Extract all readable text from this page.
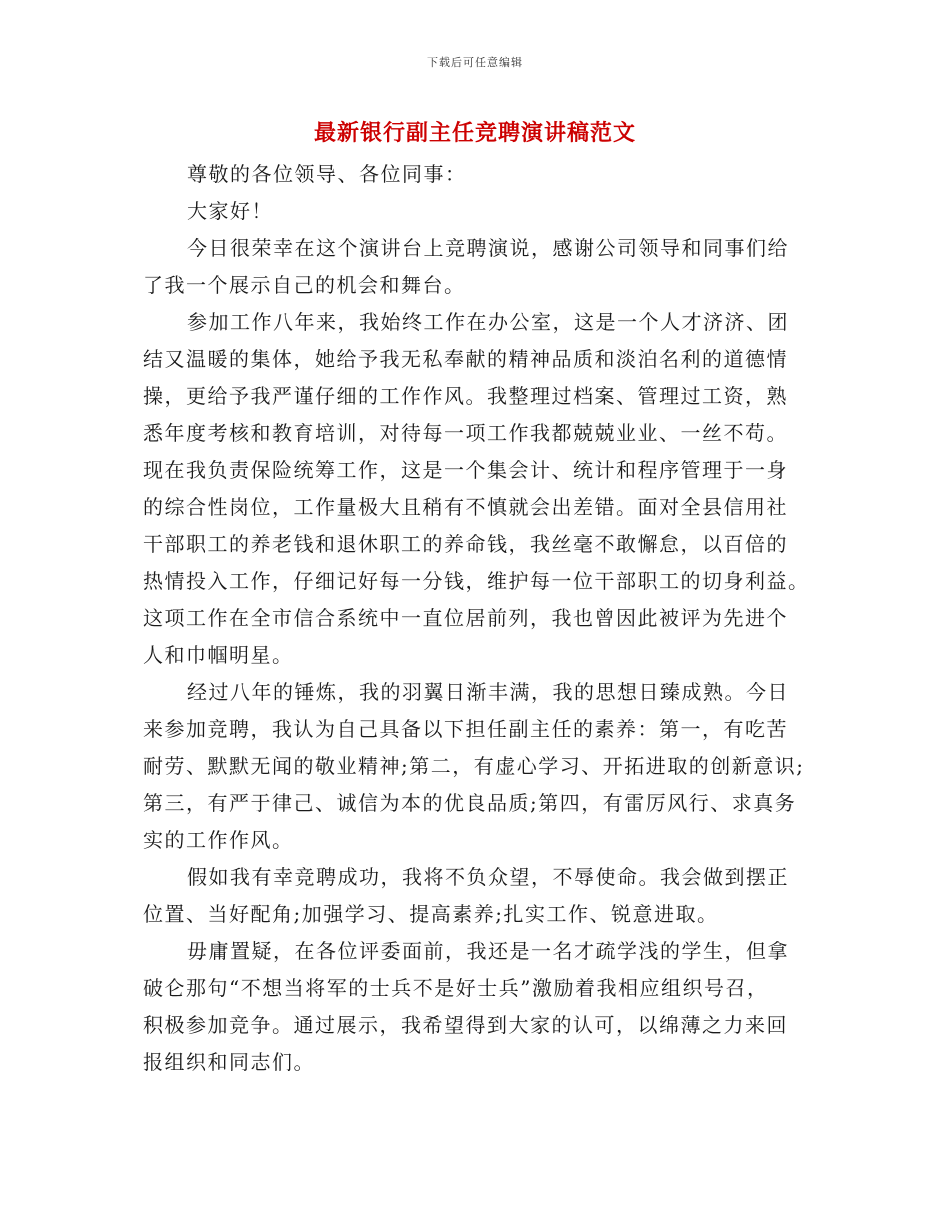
下载后可任意编辑
最新银行副主任竞聘演讲稿范文
尊敬的各位领导、各位同事：
大家好！
今日很荣幸在这个演讲台上竞聘演说，感谢公司领导和同事们给
了我一个展示自己的机会和舞台。
参加工作八年来，我始终工作在办公室，这是一个人才济济、团
结又温暖的集体，她给予我无私奉献的精神品质和淡泊名利的道德情
操，更给予我严谨仔细的工作作风。我整理过档案、管理过工资，熟
悉年度考核和教育培训，对待每一项工作我都兢兢业业、一丝不苟。
现在我负责保险统筹工作，这是一个集会计、统计和程序管理于一身
的综合性岗位，工作量极大且稍有不慎就会出差错。面对全县信用社
干部职工的养老钱和退休职工的养命钱，我丝毫不敢懈怠，以百倍的
热情投入工作，仔细记好每一分钱，维护每一位干部职工的切身利益。
这项工作在全市信合系统中一直位居前列，我也曾因此被评为先进个
人和巾帼明星。
经过八年的锤炼，我的羽翼日渐丰满，我的思想日臻成熟。今日
来参加竞聘，我认为自己具备以下担任副主任的素养：第一，有吃苦
耐劳、默默无闻的敬业精神;第二，有虚心学习、开拓进取的创新意识;
第三，有严于律己、诚信为本的优良品质;第四，有雷厉风行、求真务
实的工作作风。
假如我有幸竞聘成功，我将不负众望，不辱使命。我会做到摆正
位置、当好配角;加强学习、提高素养;扎实工作、锐意进取。
毋庸置疑，在各位评委面前，我还是一名才疏学浅的学生，但拿
破仑那句“不想当将军的士兵不是好士兵”激励着我相应组织号召，
积极参加竞争。通过展示，我希望得到大家的认可，以绵薄之力来回
报组织和同志们。
